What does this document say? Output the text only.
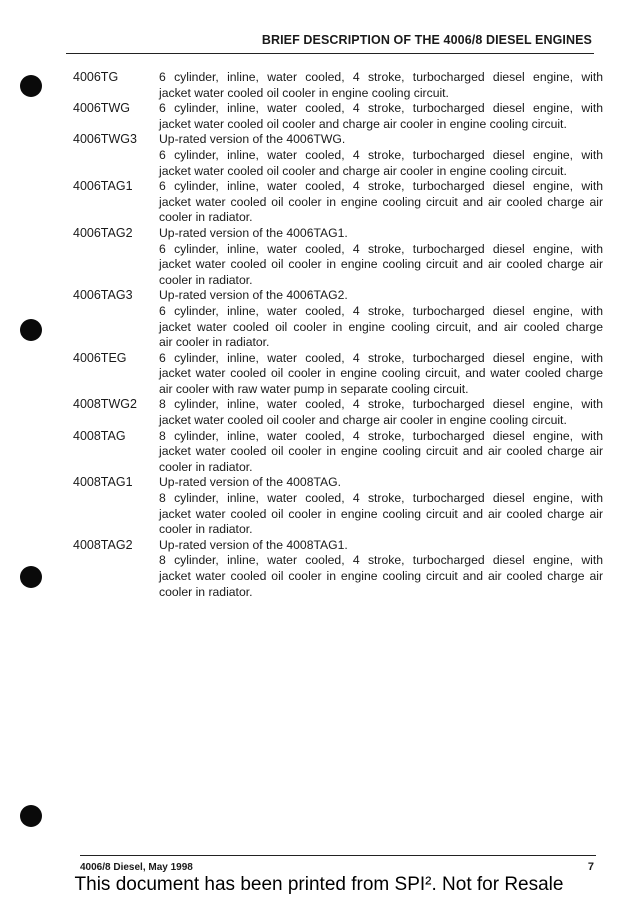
BRIEF DESCRIPTION OF THE 4006/8 DIESEL ENGINES
4006TG	6 cylinder, inline, water cooled, 4 stroke, turbocharged diesel engine, with
jacket water cooled oil cooler in engine cooling circuit.
4006TWG	6 cylinder, inline, water cooled, 4 stroke, turbocharged diesel engine, with
jacket water cooled oil cooler and charge air cooler in engine cooling circuit.
4006TWG3	Up-rated version of the 4006TWG.
6 cylinder, inline, water cooled, 4 stroke, turbocharged diesel engine, with
jacket water cooled oil cooler and charge air cooler in engine cooling circuit.
4006TAG1	6 cylinder, inline, water cooled, 4 stroke, turbocharged diesel engine, with
jacket water cooled oil cooler in engine cooling circuit and air cooled charge air
cooler in radiator.
4006TAG2	Up-rated version of the 4006TAG1.
6 cylinder, inline, water cooled, 4 stroke, turbocharged diesel engine, with
jacket water cooled oil cooler in engine cooling circuit and air cooled charge air
cooler in radiator.
4006TAG3	Up-rated version of the 4006TAG2.
6 cylinder, inline, water cooled, 4 stroke, turbocharged diesel engine, with
jacket water cooled oil cooler in engine cooling circuit, and air cooled charge
air cooler in radiator.
4006TEG	6 cylinder, inline, water cooled, 4 stroke, turbocharged diesel engine, with
jacket water cooled oil cooler in engine cooling circuit, and water cooled charge
air cooler with raw water pump in separate cooling circuit.
4008TWG2	8 cylinder, inline, water cooled, 4 stroke, turbocharged diesel engine, with
jacket water cooled oil cooler and charge air cooler in engine cooling circuit.
4008TAG	8 cylinder, inline, water cooled, 4 stroke, turbocharged diesel engine, with
jacket water cooled oil cooler in engine cooling circuit and air cooled charge air
cooler in radiator.
4008TAG1	Up-rated version of the 4008TAG.
8 cylinder, inline, water cooled, 4 stroke, turbocharged diesel engine, with
jacket water cooled oil cooler in engine cooling circuit and air cooled charge air
cooler in radiator.
4008TAG2	Up-rated version of the 4008TAG1.
8 cylinder, inline, water cooled, 4 stroke, turbocharged diesel engine, with
jacket water cooled oil cooler in engine cooling circuit and air cooled charge air
cooler in radiator.
4006/8 Diesel, May 1998	7
This document has been printed from SPI². Not for Resale
